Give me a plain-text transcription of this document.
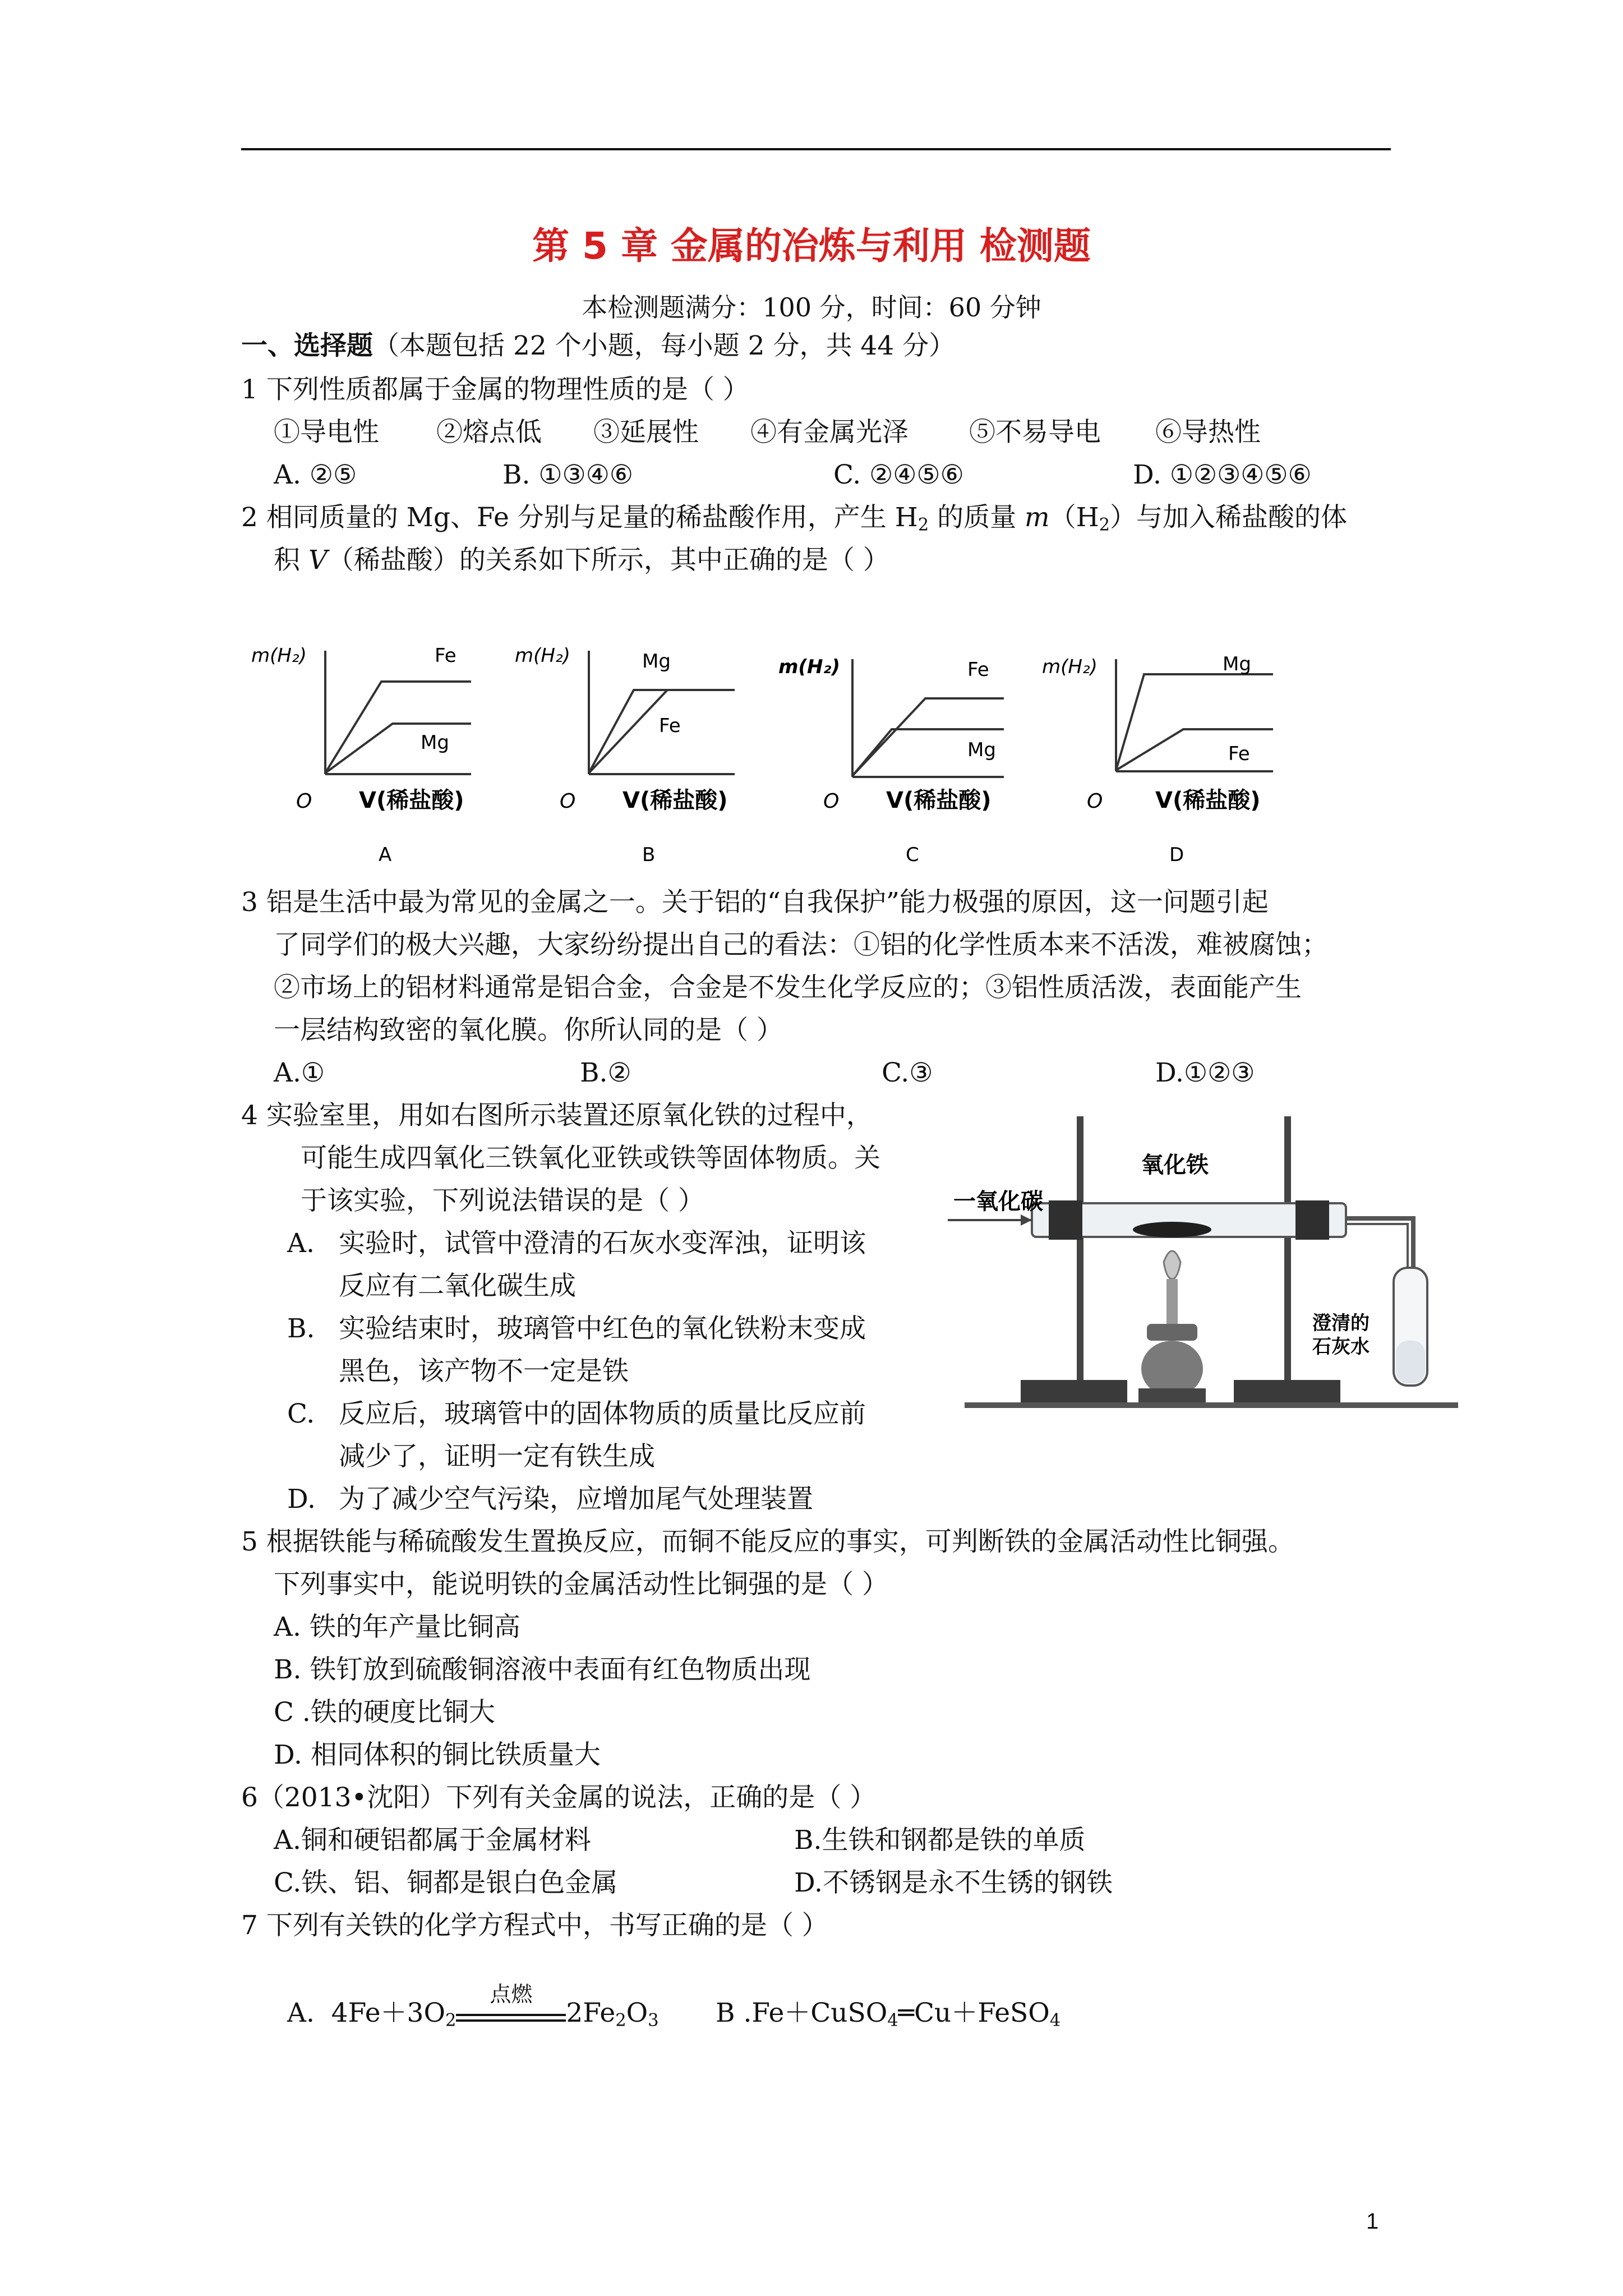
第 5 章 金属的冶炼与利用 检测题
本检测题满分：100 分，时间：60 分钟
一、选择题（本题包括 22 个小题，每小题 2 分，共 44 分）
1 下列性质都属于金属的物理性质的是（ ）
①导电性 ②熔点低 ③延展性 ④有金属光泽 ⑤不易导电 ⑥导热性
A. ②⑤	B. ①③④⑥	C. ②④⑤⑥	D. ①②③④⑤⑥
2 相同质量的 Mg、Fe 分别与足量的稀盐酸作用，产生 $H_2$ 的质量 $m(H_2)$与加入稀盐酸的体
积 V（稀盐酸）的关系如下所示，其中正确的是（ ）
m(H₂)	Fe
Mg
O V(稀盐酸)
A
m(H₂)	Mg
Fe
O V(稀盐酸)
B
m(H₂)	Fe
Mg
O V(稀盐酸)
C
m(H₂)	Mg
Fe
O V(稀盐酸)
D
3 铝是生活中最为常见的金属之一。关于铝的“自我保护”能力极强的原因，这一问题引起
了同学们的极大兴趣，大家纷纷提出自己的看法：①铝的化学性质本来不活泼，难被腐蚀；
②市场上的铝材料通常是铝合金，合金是不发生化学反应的；③铝性质活泼，表面能产生
一层结构致密的氧化膜。你所认同的是（ ）
A.①	B.②	C.③	D.①②③
4 实验室里，用如右图所示装置还原氧化铁的过程中，
可能生成四氧化三铁氧化亚铁或铁等固体物质。关
于该实验，下列说法错误的是（ ）
A. 实验时，试管中澄清的石灰水变浑浊，证明该
反应有二氧化碳生成
B. 实验结束时，玻璃管中红色的氧化铁粉末变成
黑色，该产物不一定是铁
C. 反应后，玻璃管中的固体物质的质量比反应前
减少了，证明一定有铁生成
D. 为了减少空气污染，应增加尾气处理装置
一氧化碳
氧化铁
澄清的
石灰水
5 根据铁能与稀硫酸发生置换反应，而铜不能反应的事实，可判断铁的金属活动性比铜强。
下列事实中，能说明铁的金属活动性比铜强的是（ ）
A. 铁的年产量比铜高
B. 铁钉放到硫酸铜溶液中表面有红色物质出现
C .铁的硬度比铜大
D. 相同体积的铜比铁质量大
6（2013•沈阳）下列有关金属的说法，正确的是（ ）
A.铜和硬铝都属于金属材料	B.生铁和钢都是铁的单质
C.铁、铝、铜都是银白色金属	D.不锈钢是永不生锈的钢铁
7 下列有关铁的化学方程式中，书写正确的是（ ）
A. $4Fe+3O_2$
点燃
$2Fe_2O_3$ B .Fe＋CuSO$_4$═Cu＋FeSO$_4$
1
